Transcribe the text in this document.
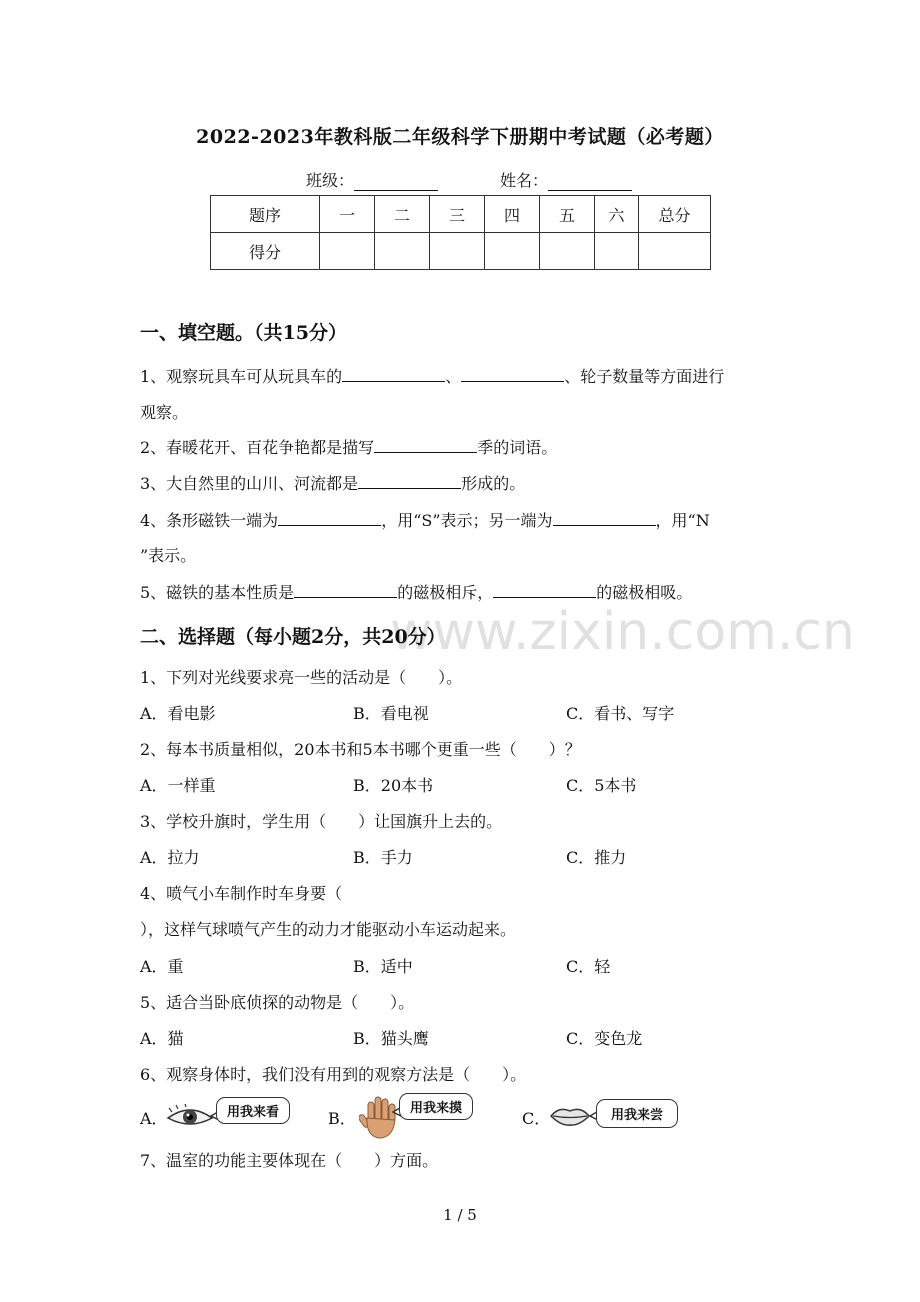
2022-2023年教科版二年级科学下册期中考试题（必考题）
班级：	姓名：
题序	一	二	三	四	五	六	总分
得分							
www.zixin.com.cn
一、填空题。（共15分）
1、观察玩具车可从玩具车的	、	、轮子数量等方面进行
观察。
2、春暖花开、百花争艳都是描写	季的词语。
3、大自然里的山川、河流都是	形成的。
4、条形磁铁一端为	，用“S”表示；另一端为	，用“N
”表示。
5、磁铁的基本性质是	的磁极相斥，	的磁极相吸。
二、选择题（每小题2分，共20分）
1、下列对光线要求亮一些的活动是（　　）。
A．看电影	B．看电视	C．看书、写字
2、每本书质量相似，20本书和5本书哪个更重一些（　　）？
A．一样重	B．20本书	C．5本书
3、学校升旗时，学生用（　　）让国旗升上去的。
A．拉力	B．手力	C．推力
4、喷气小车制作时车身要（
），这样气球喷气产生的动力才能驱动小车运动起来。
A．重	B．适中	C．轻
5、适合当卧底侦探的动物是（　　）。
A．猫	B．猫头鹰	C．变色龙
6、观察身体时，我们没有用到的观察方法是（　　）。
A．	用我来看	B．
用我来摸
C．	用我来尝
7、温室的功能主要体现在（　　）方面。
1 / 5
